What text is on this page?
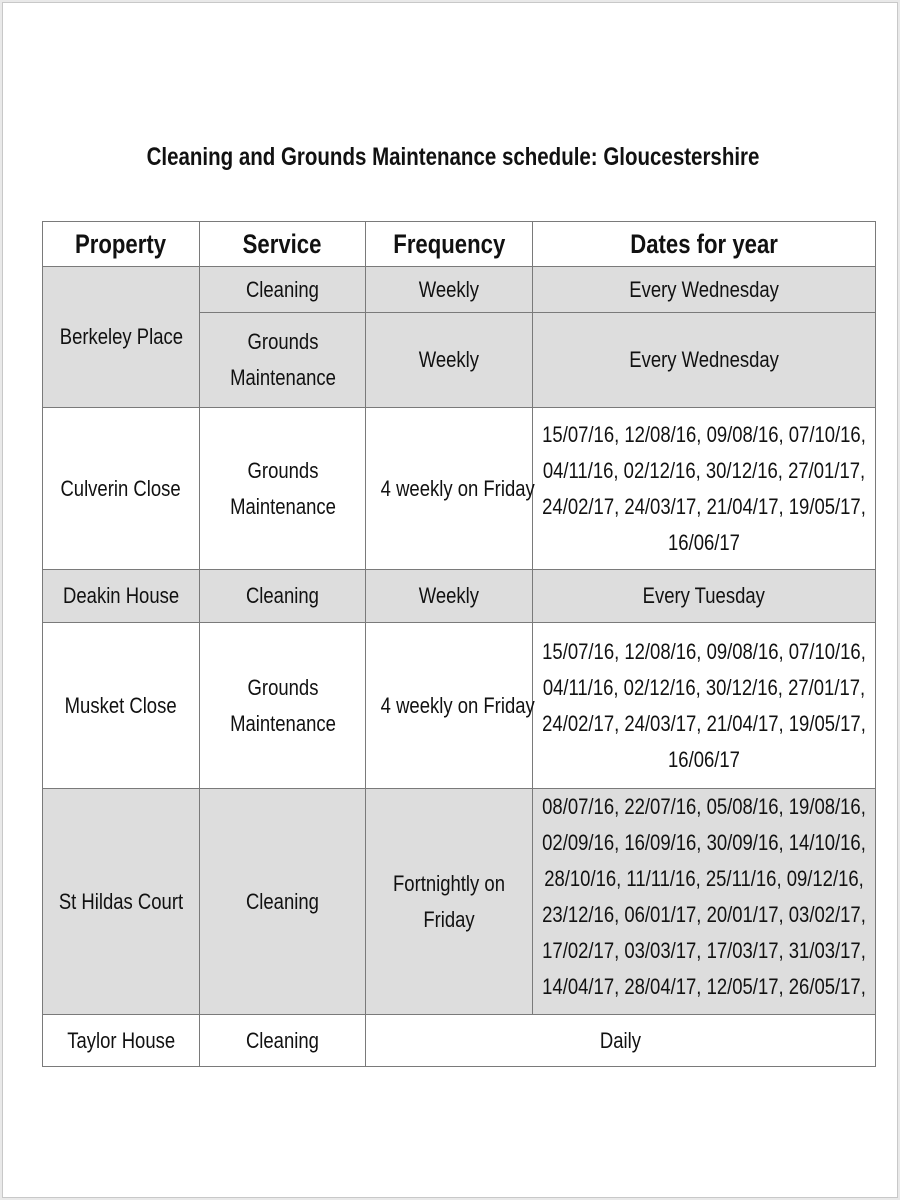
Cleaning and Grounds Maintenance schedule: Gloucestershire
Property	Service	Frequency	Dates for year
Berkeley Place	Cleaning	Weekly	Every Wednesday
	Grounds Maintenance	Weekly	Every Wednesday
Culverin Close	Grounds Maintenance	4 weekly on Friday	15/07/16, 12/08/16, 09/08/16, 07/10/16, 04/11/16, 02/12/16, 30/12/16, 27/01/17, 24/02/17, 24/03/17, 21/04/17, 19/05/17, 16/06/17
Deakin House	Cleaning	Weekly	Every Tuesday
Musket Close	Grounds Maintenance	4 weekly on Friday	15/07/16, 12/08/16, 09/08/16, 07/10/16, 04/11/16, 02/12/16, 30/12/16, 27/01/17, 24/02/17, 24/03/17, 21/04/17, 19/05/17, 16/06/17
St Hildas Court	Cleaning	Fortnightly on Friday	08/07/16, 22/07/16, 05/08/16, 19/08/16, 02/09/16, 16/09/16, 30/09/16, 14/10/16, 28/10/16, 11/11/16, 25/11/16, 09/12/16, 23/12/16, 06/01/17, 20/01/17, 03/02/17, 17/02/17, 03/03/17, 17/03/17, 31/03/17, 14/04/17, 28/04/17, 12/05/17, 26/05/17,

Taylor House	Cleaning	Daily	
